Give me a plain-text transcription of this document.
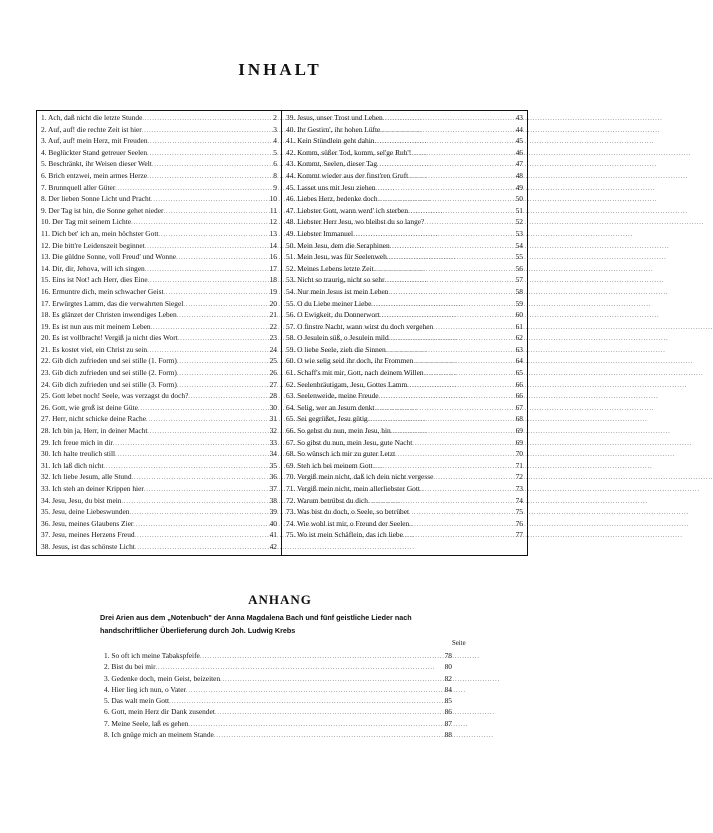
INHALT
1. Ach, daß nicht die letzte Stunde .....	2
2. Auf, auf! die rechte Zeit ist hier .....	3
3. Auf, auf! mein Herz, mit Freuden .....	4
4. Beglückter Stand getreuer Seelen .....	5
5. Beschränkt, ihr Weisen dieser Welt .....	6
6. Brich entzwei, mein armes Herze .....	8
7. Brunnquell aller Güter .....	9
8. Der lieben Sonne Licht und Pracht .....	10
9. Der Tag ist hin, die Sonne gehet nieder .....	11
10. Der Tag mit seinem Lichte .....	12
11. Dich bet' ich an, mein höchster Gott .....	13
12. Die bitt're Leidenszeit beginnet .....	14
13. Die güldne Sonne, voll Freud' und Wonne .....	16
14. Dir, dir, Jehova, will ich singen .....	17
15. Eins ist Not! ach Herr, dies Eine .....	18
16. Ermuntre dich, mein schwacher Geist .....	19
17. Erwürgtes Lamm, das die verwahrten Siegel .....	20
18. Es glänzet der Christen inwendiges Leben .....	21
19. Es ist nun aus mit meinem Leben .....	22
20. Es ist vollbracht! Vergiß ja nicht dies Wort .....	23
21. Es kostet viel, ein Christ zu sein .....	24
22. Gib dich zufrieden und sei stille (1. Form) .....	25
23. Gib dich zufrieden und sei stille (2. Form) .....	26
24. Gib dich zufrieden und sei stille (3. Form) .....	27
25. Gott lebet noch! Seele, was verzagst du doch? .....	28
26. Gott, wie groß ist deine Güte .....	30
27. Herr, nicht schicke deine Rache .....	31
28. Ich bin ja, Herr, in deiner Macht .....	32
29. Ich freue mich in dir .....	33
30. Ich halte treulich still .....	34
31. Ich laß dich nicht .....	35
32. Ich liebe Jesum, alle Stund .....	36
33. Ich steh an deiner Krippen hier .....	37
34. Jesu, Jesu, du bist mein .....	38
35. Jesu, deine Liebeswunden .....	39
36. Jesu, meines Glaubens Zier .....	40
37. Jesu, meines Herzens Freud .....	41
38. Jesus, ist das schönste Licht .....	42
39. Jesus, unser Trost und Leben .....	43
40. Ihr Gestirn', ihr hohen Lüfte .....	44
41. Kein Stündlein geht dahin .....	45
42. Komm, süßer Tod, komm, sel'ge Ruh'! .....	46
43. Kommt, Seelen, dieser Tag .....	47
44. Kommt wieder aus der finst'ren Gruft .....	48
45. Lasset uns mit Jesu ziehen .....	49
46. Liebes Herz, bedenke doch .....	50
47. Liebster Gott, wann werd' ich sterben .....	51
48. Liebster Herr Jesu, wo bleibst du so lange? .....	52
49. Liebster Immanuel .....	53
50. Mein Jesu, dem die Seraphinen .....	54
51. Mein Jesu, was für Seelenweh .....	55
52. Meines Lebens letzte Zeit .....	56
53. Nicht so traurig, nicht so sehr .....	57
54. Nur mein Jesus ist mein Leben .....	58
55. O du Liebe meiner Liebe .....	59
56. O Ewigkeit, du Donnerwort .....	60
57. O finstre Nacht, wann wirst du doch vergehen .....	61
58. O Jesulein süß, o Jesulein mild .....	62
59. O liebe Seele, zieh die Sinnen .....	63
60. O wie selig seid ihr doch, ihr Frommen .....	64
61. Schaff's mit mir, Gott, nach deinem Willen .....	65
62. Seelenbräutigam, Jesu, Gottes Lamm .....	66
63. Seelenweide, meine Freude .....	66
64. Selig, wer an Jesum denkt .....	67
65. Sei gegrüßet, Jesu gütig .....	68
66. So gehst du nun, mein Jesu, hin .....	69
67. So gibst du nun, mein Jesu, gute Nacht .....	69
68. So wünsch ich mir zu guter Letzt .....	70
69. Steh ich bei meinem Gott .....	71
70. Vergiß mein nicht, daß ich dein nicht vergesse .....	72
71. Vergiß mein nicht, mein allerliebster Gott .....	73
72. Warum betrübst du dich .....	74
73. Was bist du doch, o Seele, so betrübet .....	75
74. Wie wohl ist mir, o Freund der Seelen .....	76
75. Wo ist mein Schäflein, das ich liebe .....	77
ANHANG
Drei Arien aus dem „Notenbuch" der Anna Magdalena Bach und fünf geistliche Lieder nach handschriftlicher Überlieferung durch Joh. Ludwig Krebs
Seite
1. So oft ich meine Tabakspfeife .....	78
2. Bist du bei mir .....	80
3. Gedenke doch, mein Geist, beizeiten .....	82
4. Hier lieg ich nun, o Vater .....	84
5. Das walt mein Gott .....	85
6. Gott, mein Herz dir Dank zusendet .....	86
7. Meine Seele, laß es gehen .....	87
8. Ich gnüge mich an meinem Stande .....	88
